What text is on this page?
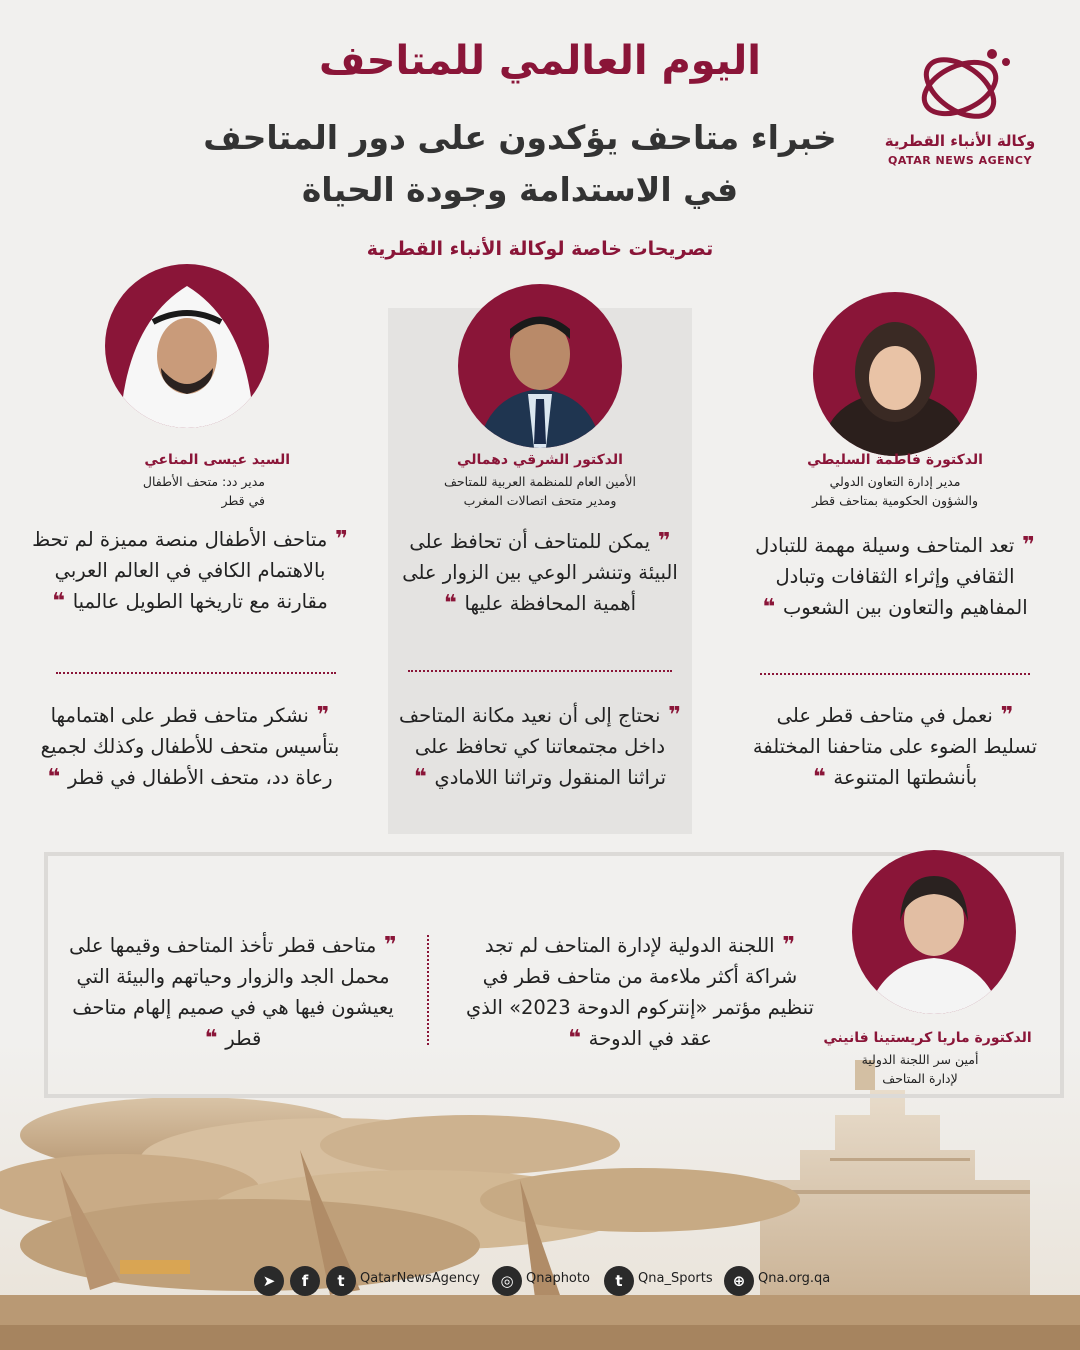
اليوم العالمي للمتاحف
خبراء متاحف يؤكدون على دور المتاحف
في الاستدامة وجودة الحياة
تصريحات خاصة لوكالة الأنباء القطرية
وكالة الأنباء القطرية
QATAR NEWS AGENCY
الدكتورة فاطمة السليطي
مدير إدارة التعاون الدولي
والشؤون الحكومية بمتاحف قطر
❞ تعد المتاحف وسيلة مهمة للتبادل الثقافي وإثراء الثقافات وتبادل المفاهيم والتعاون بين الشعوب ❝
❞ نعمل في متاحف قطر على تسليط الضوء على متاحفنا المختلفة بأنشطتها المتنوعة ❝
الدكتور الشرقي دهمالي
الأمين العام للمنظمة العربية للمتاحف
ومدير متحف اتصالات المغرب
❞ يمكن للمتاحف أن تحافظ على البيئة وتنشر الوعي بين الزوار على أهمية المحافظة عليها ❝
❞ نحتاج إلى أن نعيد مكانة المتاحف داخل مجتمعاتنا كي تحافظ على تراثنا المنقول وتراثنا اللامادي ❝
السيد عيسى المناعي
مدير دد: متحف الأطفال
في قطر
❞ متاحف الأطفال منصة مميزة لم تحظ بالاهتمام الكافي في العالم العربي مقارنة مع تاريخها الطويل عالميا ❝
❞ نشكر متاحف قطر على اهتمامها بتأسيس متحف للأطفال وكذلك لجميع رعاة دد، متحف الأطفال في قطر ❝
الدكتورة ماريا كريستينا فانيني
أمين سر اللجنة الدولية
لإدارة المتاحف
❞ اللجنة الدولية لإدارة المتاحف لم تجد شراكة أكثر ملاءمة من متاحف قطر في تنظيم مؤتمر «إنتركوم الدوحة 2023» الذي عقد في الدوحة ❝
❞ متاحف قطر تأخذ المتاحف وقيمها على محمل الجد والزوار وحياتهم والبيئة التي يعيشون فيها هي في صميم إلهام متاحف قطر ❝
➤	f	t	QatarNewsAgency	◎ Qnaphoto	t	Qna_Sports	⊕ Qna.org.qa
